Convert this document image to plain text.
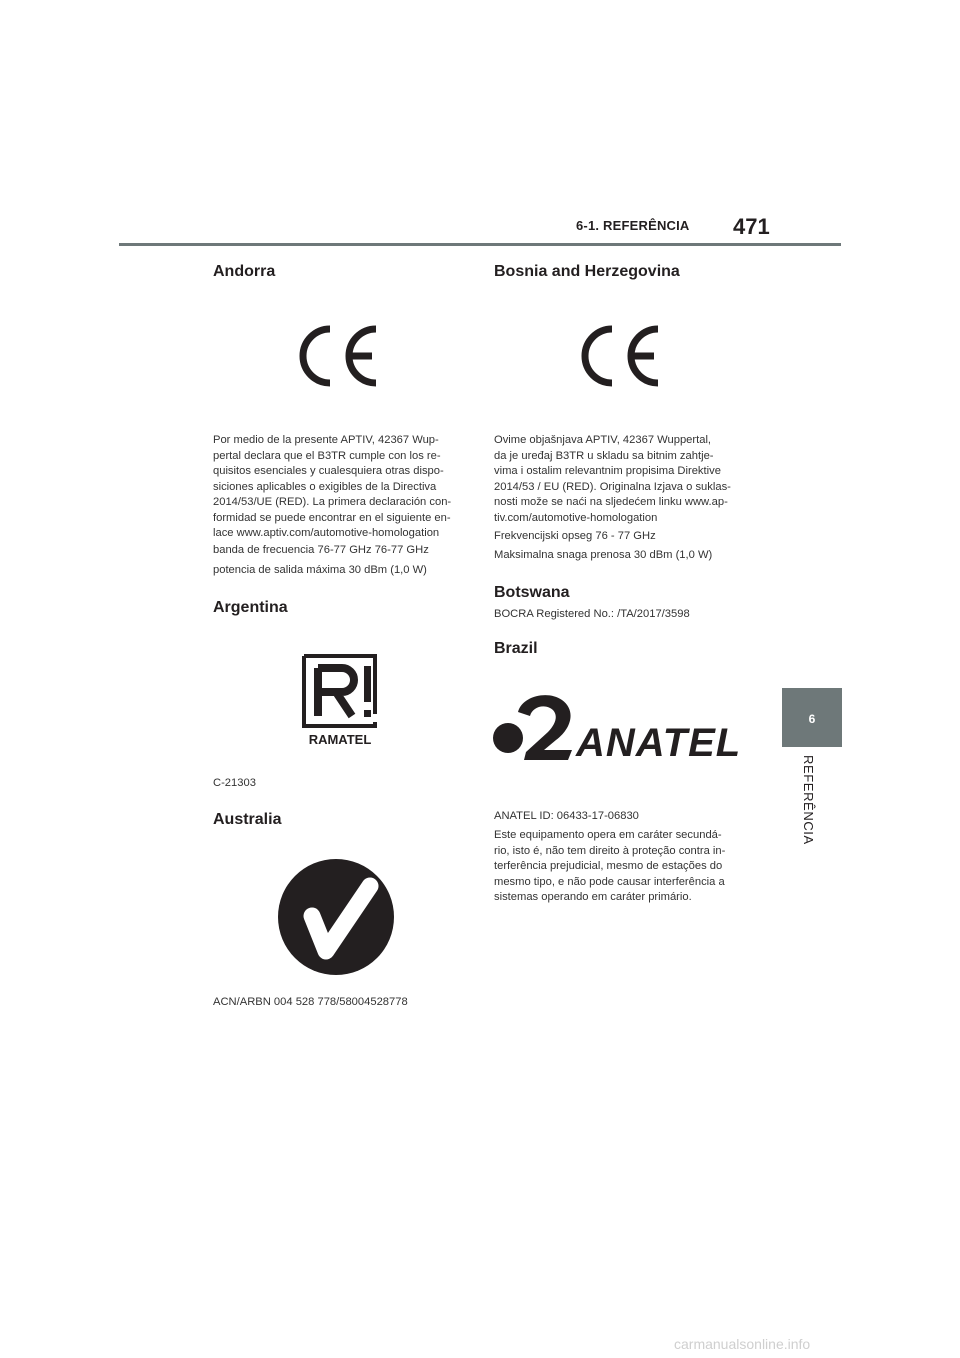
6-1. REFERÊNCIA 471
6
REFERÊNCIA
Andorra
Por medio de la presente APTIV, 42367 Wup-
pertal declara que el B3TR cumple con los re-
quisitos esenciales y cualesquiera otras dispo-
siciones aplicables o exigibles de la Directiva
2014/53/UE (RED). La primera declaración con-
formidad se puede encontrar en el siguiente en-
lace www.aptiv.com/automotive-homologation
banda de frecuencia 76-77 GHz 76-77 GHz
potencia de salida máxima 30 dBm (1,0 W)
Argentina
RAMATEL
C-21303
Australia
ACN/ARBN 004 528 778/58004528778
Bosnia and Herzegovina
Ovime objašnjava APTIV, 42367 Wuppertal,
da je uređaj B3TR u skladu sa bitnim zahtje-
vima i ostalim relevantnim propisima Direktive
2014/53 / EU (RED). Originalna Izjava o suklas-
nosti može se naći na sljedećem linku www.ap-
tiv.com/automotive-homologation
Frekvencijski opseg 76 - 77 GHz
Maksimalna snaga prenosa 30 dBm (1,0 W)
Botswana
BOCRA Registered No.: /TA/2017/3598
Brazil
ANATEL
ANATEL ID: 06433-17-06830
Este equipamento opera em caráter secundá-
rio, isto é, não tem direito à proteção contra in-
terferência prejudicial, mesmo de estações do
mesmo tipo, e não pode causar interferência a
sistemas operando em caráter primário.
carmanualsonline.info
